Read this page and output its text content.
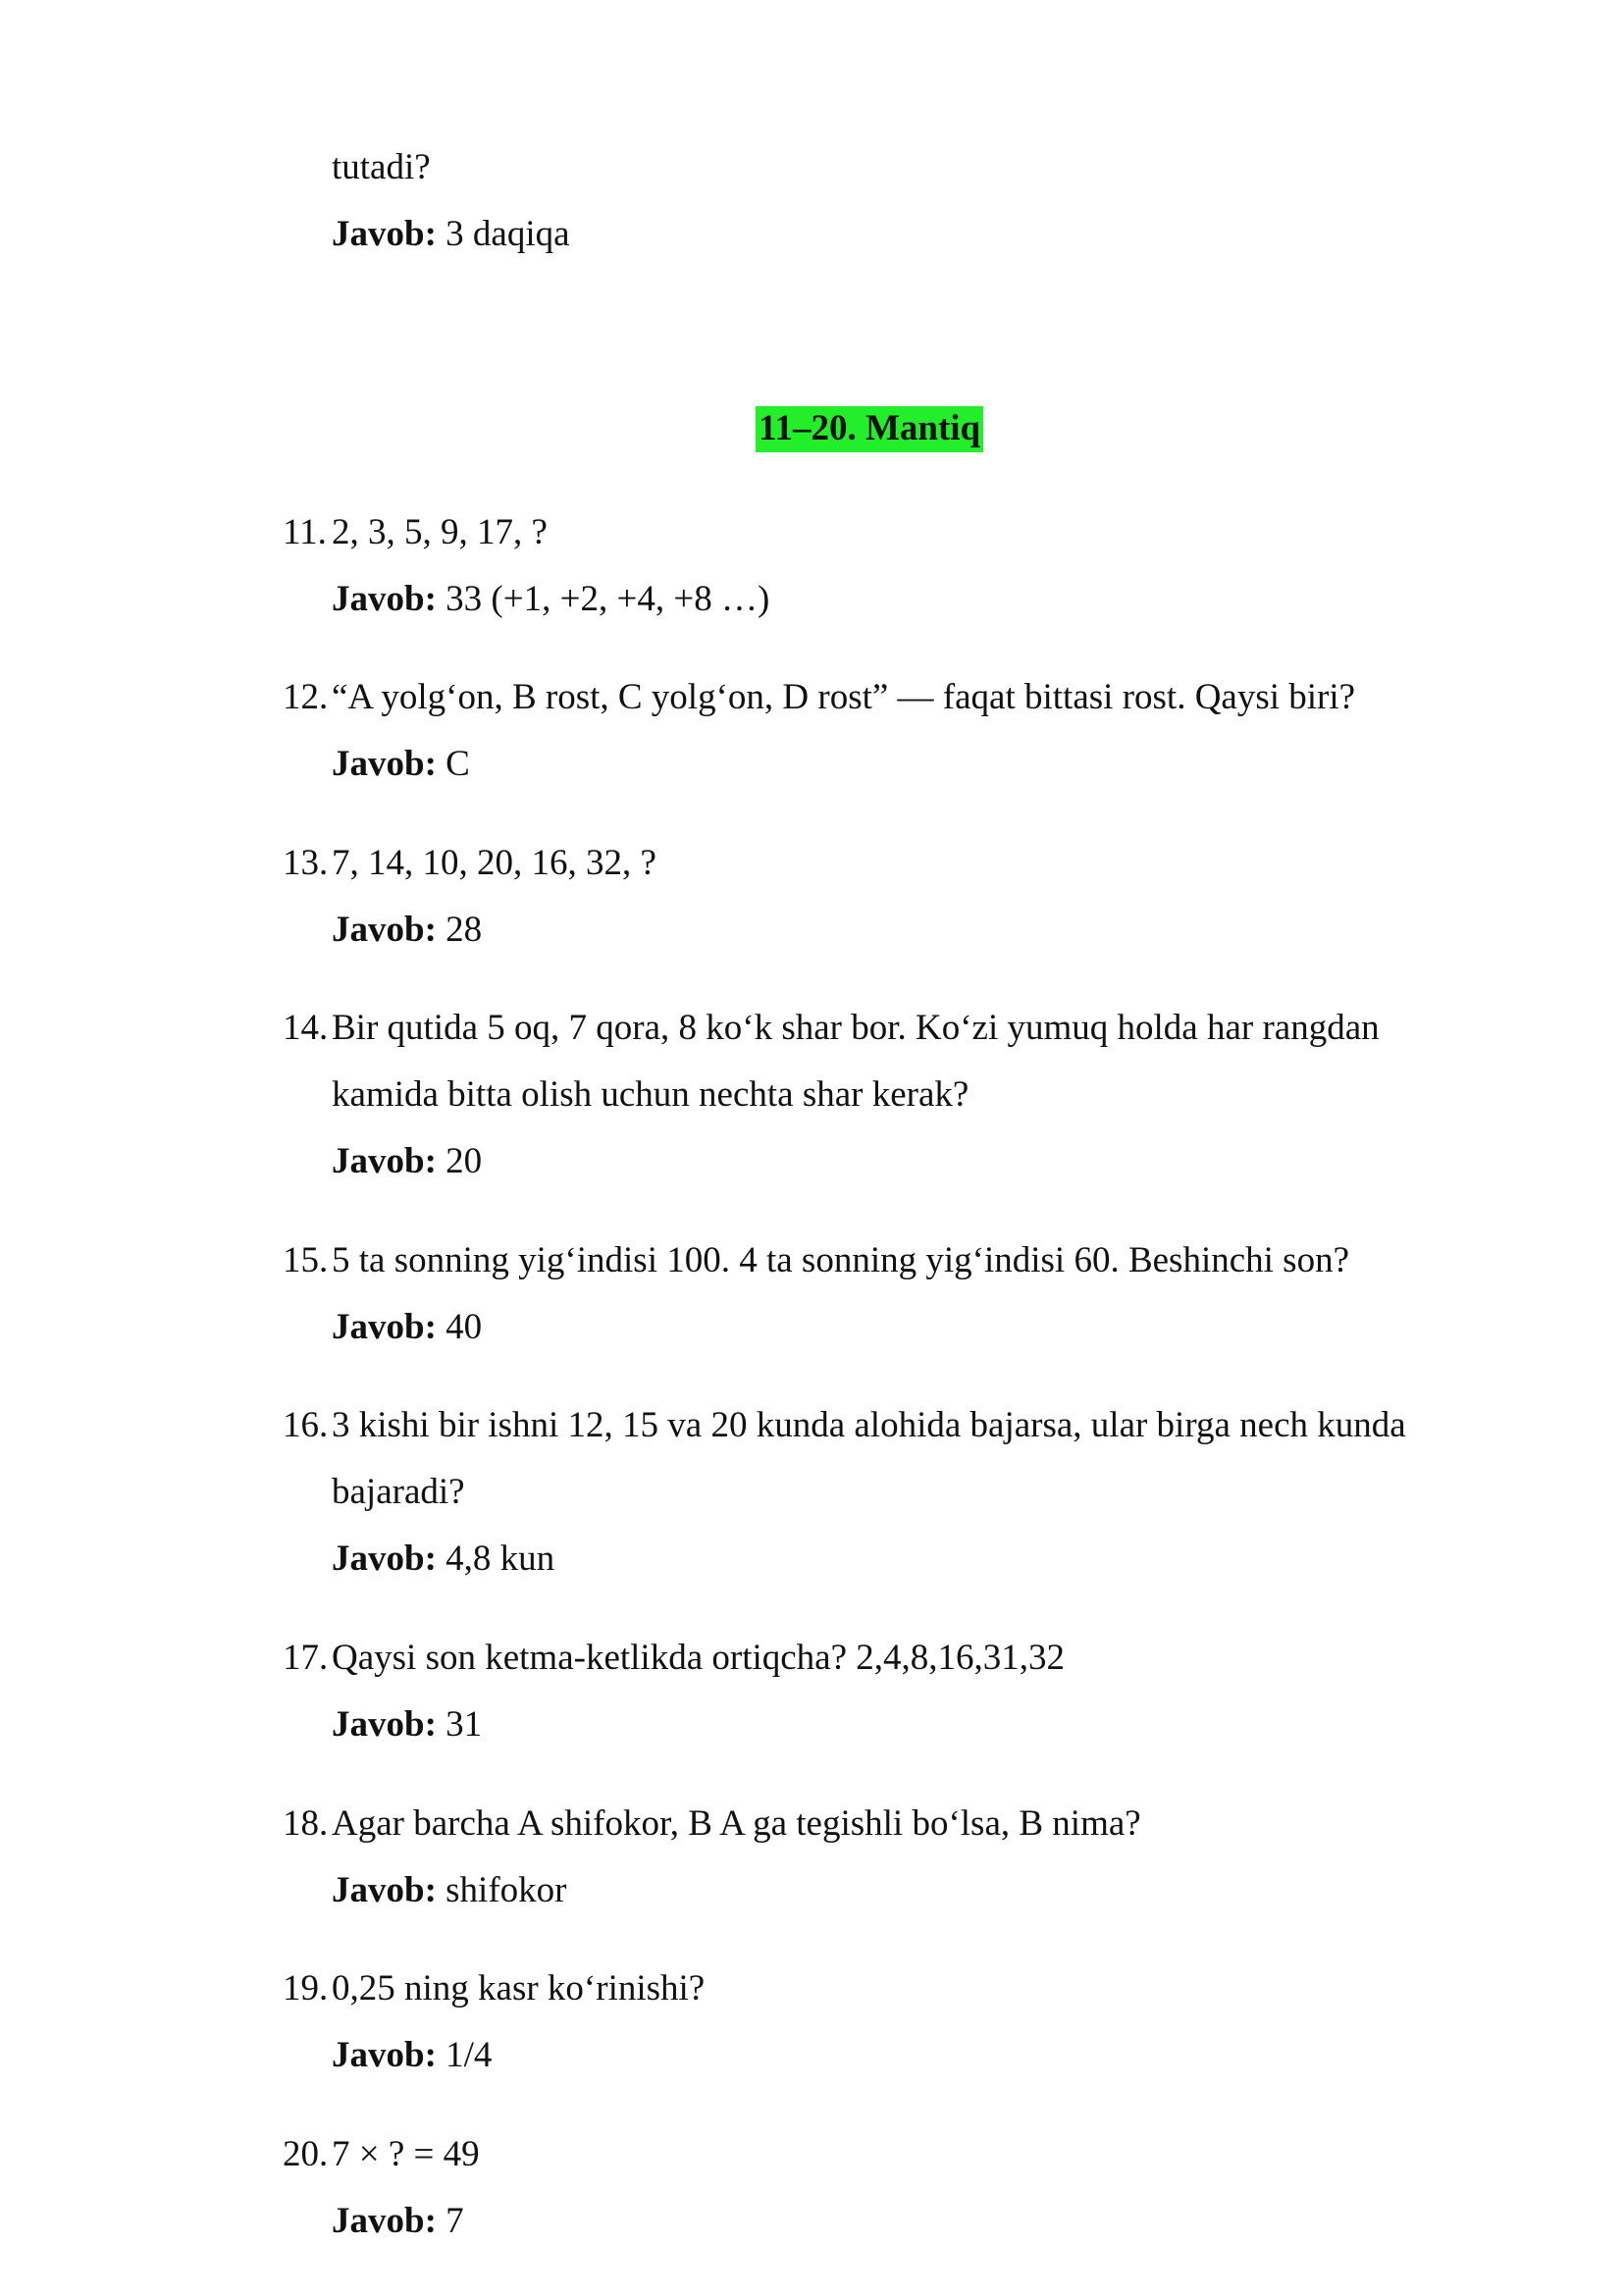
tutadi?
Javob: 3 daqiqa
11–20. Mantiq
11. 2, 3, 5, 9, 17, ?
Javob: 33 (+1, +2, +4, +8 …)
12. “A yolg‘on, B rost, C yolg‘on, D rost” — faqat bittasi rost. Qaysi biri?
Javob: C
13. 7, 14, 10, 20, 16, 32, ?
Javob: 28
14. Bir qutida 5 oq, 7 qora, 8 ko‘k shar bor. Ko‘zi yumuq holda har rangdan
kamida bitta olish uchun nechta shar kerak?
Javob: 20
15. 5 ta sonning yig‘indisi 100. 4 ta sonning yig‘indisi 60. Beshinchi son?
Javob: 40
16. 3 kishi bir ishni 12, 15 va 20 kunda alohida bajarsa, ular birga nech kunda
bajaradi?
Javob: 4,8 kun
17. Qaysi son ketma-ketlikda ortiqcha? 2,4,8,16,31,32
Javob: 31
18. Agar barcha A shifokor, B A ga tegishli bo‘lsa, B nima?
Javob: shifokor
19. 0,25 ning kasr ko‘rinishi?
Javob: 1/4
20. 7 × ? = 49
Javob: 7
